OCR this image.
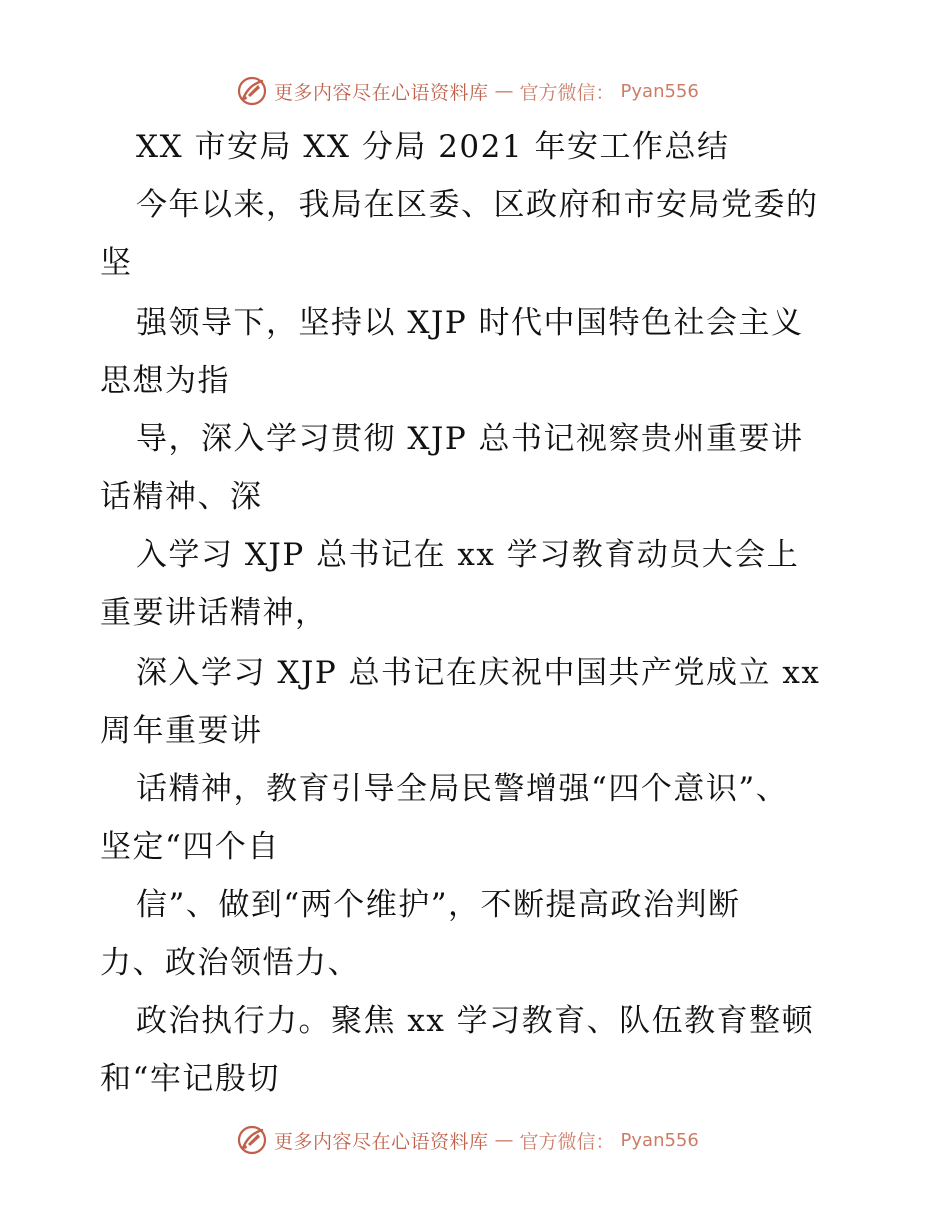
更多内容尽在心语资料库 — 官方微信： Pyan556
XX 市安局 XX 分局 2021 年安工作总结
今年以来，我局在区委、区政府和市安局党委的
坚
强领导下，坚持以 XJP 时代中国特色社会主义
思想为指
导，深入学习贯彻 XJP 总书记视察贵州重要讲
话精神、深
入学习 XJP 总书记在 xx 学习教育动员大会上
重要讲话精神，
深入学习 XJP 总书记在庆祝中国共产党成立 xx
周年重要讲
话精神，教育引导全局民警增强“四个意识”、
坚定“四个自
信”、做到“两个维护”，不断提高政治判断
力、政治领悟力、
政治执行力。聚焦 xx 学习教育、队伍教育整顿
和“牢记殷切
更多内容尽在心语资料库 — 官方微信： Pyan556
